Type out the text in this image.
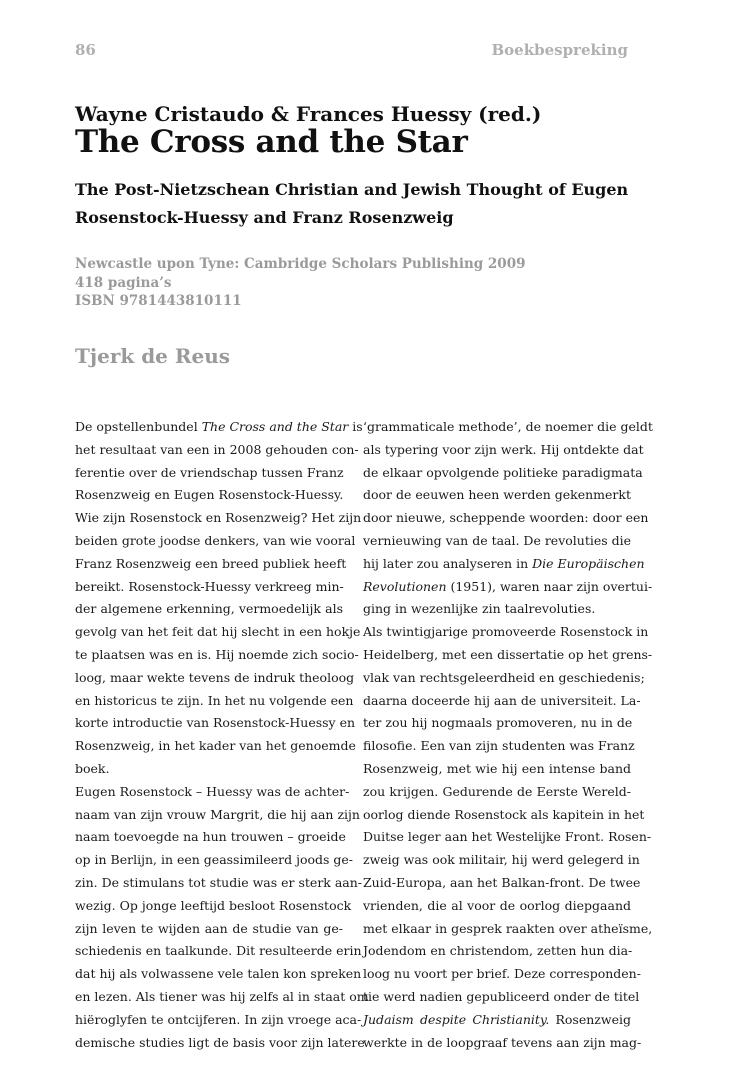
86	Boekbespreking
Wayne Cristaudo & Frances Huessy (red.)
The Cross and the Star
The Post-Nietzschean Christian and Jewish Thought of Eugen
Rosenstock-Huessy and Franz Rosenzweig
Newcastle upon Tyne: Cambridge Scholars Publishing 2009
418 pagina’s
ISBN 9781443810111
Tjerk de Reus
De opstellenbundel The Cross and the Star is
het resultaat van een in 2008 gehouden con-
ferentie over de vriendschap tussen Franz
Rosenzweig en Eugen Rosenstock-Huessy.
Wie zijn Rosenstock en Rosenzweig? Het zijn
beiden grote joodse denkers, van wie vooral
Franz Rosenzweig een breed publiek heeft
bereikt. Rosenstock-Huessy verkreeg min-
der algemene erkenning, vermoedelijk als
gevolg van het feit dat hij slecht in een hokje
te plaatsen was en is. Hij noemde zich socio-
loog, maar wekte tevens de indruk theoloog
en historicus te zijn. In het nu volgende een
korte introductie van Rosenstock-Huessy en
Rosenzweig, in het kader van het genoemde
boek.
Eugen Rosenstock – Huessy was de achter-
naam van zijn vrouw Margrit, die hij aan zijn
naam toevoegde na hun trouwen – groeide
op in Berlijn, in een geassimileerd joods ge-
zin. De stimulans tot studie was er sterk aan-
wezig. Op jonge leeftijd besloot Rosenstock
zijn leven te wijden aan de studie van ge-
schiedenis en taalkunde. Dit resulteerde erin
dat hij als volwassene vele talen kon spreken
en lezen. Als tiener was hij zelfs al in staat om
hiëroglyfen te ontcijferen. In zijn vroege aca-
demische studies ligt de basis voor zijn latere
‘grammaticale methode’, de noemer die geldt
als typering voor zijn werk. Hij ontdekte dat
de elkaar opvolgende politieke paradigmata
door de eeuwen heen werden gekenmerkt
door nieuwe, scheppende woorden: door een
vernieuwing van de taal. De revoluties die
hij later zou analyseren in Die Europäischen
Revolutionen (1951), waren naar zijn overtui-
ging in wezenlijke zin taalrevoluties.
Als twintigjarige promoveerde Rosenstock in
Heidelberg, met een dissertatie op het grens-
vlak van rechtsgeleerdheid en geschiedenis;
daarna doceerde hij aan de universiteit. La-
ter zou hij nogmaals promoveren, nu in de
filosofie. Een van zijn studenten was Franz
Rosenzweig, met wie hij een intense band
zou krijgen. Gedurende de Eerste Wereld-
oorlog diende Rosenstock als kapitein in het
Duitse leger aan het Westelijke Front. Rosen-
zweig was ook militair, hij werd gelegerd in
Zuid-Europa, aan het Balkan-front. De twee
vrienden, die al voor de oorlog diepgaand
met elkaar in gesprek raakten over atheïsme,
Jodendom en christendom, zetten hun dia-
loog nu voort per brief. Deze corresponden-
tie werd nadien gepubliceerd onder de titel
Judaism despite Christianity. Rosenzweig
werkte in de loopgraaf tevens aan zijn mag-
